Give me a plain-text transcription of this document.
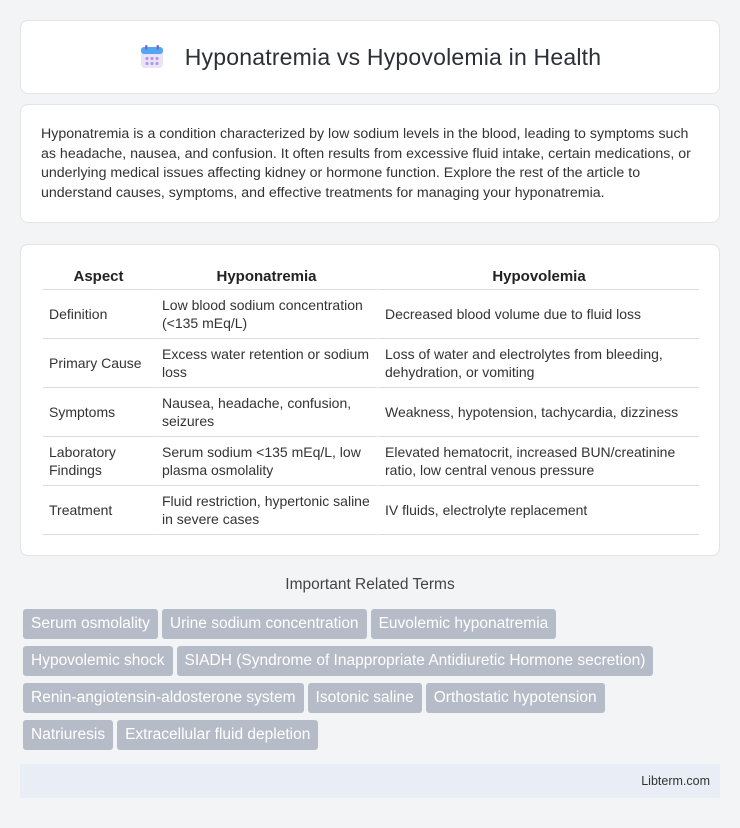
Hyponatremia vs Hypovolemia in Health

Hyponatremia is a condition characterized by low sodium levels in the blood, leading to symptoms such as headache, nausea, and confusion. It often results from excessive fluid intake, certain medications, or underlying medical issues affecting kidney or hormone function. Explore the rest of the article to understand causes, symptoms, and effective treatments for managing your hyponatremia.

Aspect	Hyponatremia	Hypovolemia
Definition	Low blood sodium concentration (<135 mEq/L)	Decreased blood volume due to fluid loss
Primary Cause	Excess water retention or sodium loss	Loss of water and electrolytes from bleeding, dehydration, or vomiting
Symptoms	Nausea, headache, confusion, seizures	Weakness, hypotension, tachycardia, dizziness
Laboratory Findings	Serum sodium <135 mEq/L, low plasma osmolality	Elevated hematocrit, increased BUN/creatinine ratio, low central venous pressure
Treatment	Fluid restriction, hypertonic saline in severe cases	IV fluids, electrolyte replacement
Important Related Terms
Serum osmolality Urine sodium concentration Euvolemic hyponatremia
Hypovolemic shock SIADH (Syndrome of Inappropriate Antidiuretic Hormone secretion)
Renin-angiotensin-aldosterone system Isotonic saline Orthostatic hypotension
Natriuresis Extracellular fluid depletion
Libterm.com
